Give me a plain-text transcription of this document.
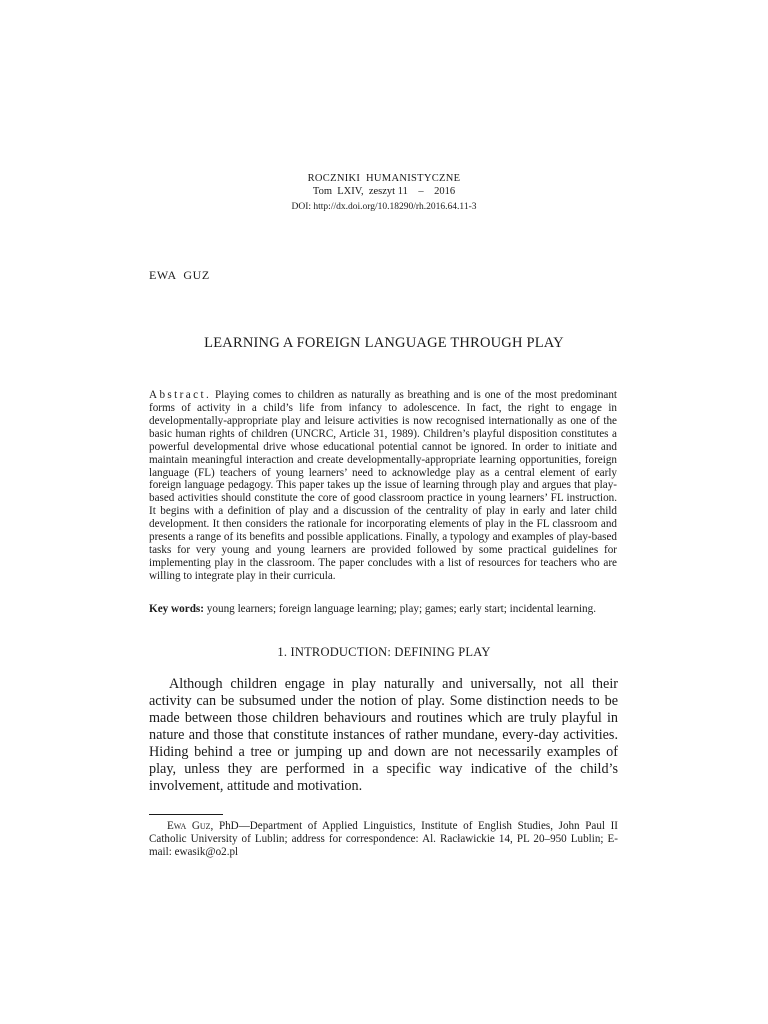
ROCZNIKI  HUMANISTYCZNE
Tom  LXIV,  zeszyt 11    –    2016
DOI: http://dx.doi.org/10.18290/rh.2016.64.11-3
EWA  GUZ
LEARNING A FOREIGN LANGUAGE THROUGH PLAY

Abstract. Playing comes to children as naturally as breathing and is one of the most predominant forms of activity in a child’s life from infancy to adolescence. In fact, the right to engage in developmentally-appropriate play and leisure activities is now recognised internationally as one of the basic human rights of children (UNCRC, Article 31, 1989). Children’s playful disposition constitutes a powerful developmental drive whose educational potential cannot be ignored. In order to initiate and maintain meaningful interaction and create developmentally-appropriate learning opportunities, foreign language (FL) teachers of young learners’ need to acknowledge play as a central element of early foreign language pedagogy. This paper takes up the issue of learning through play and argues that play-based activities should constitute the core of good classroom practice in young learners’ FL instruction. It begins with a definition of play and a discussion of the centrality of play in early and later child development. It then considers the rationale for incorporating elements of play in the FL classroom and presents a range of its benefits and possible applications. Finally, a typology and examples of play-based tasks for very young and young learners are provided followed by some practical guidelines for implementing play in the classroom. The paper concludes with a list of resources for teachers who are willing to integrate play in their curricula.

Key words: young learners; foreign language learning; play; games; early start; incidental learning.

1. INTRODUCTION: DEFINING PLAY

Although children engage in play naturally and universally, not all their activity can be subsumed under the notion of play. Some distinction needs to be made between those children behaviours and routines which are truly playful in nature and those that constitute instances of rather mundane, every-day activities. Hiding behind a tree or jumping up and down are not necessarily examples of play, unless they are performed in a specific way indicative of the child’s involvement, attitude and motivation.

Ewa Guz, PhD—Department of Applied Linguistics, Institute of English Studies, John Paul II Catholic University of Lublin; address for correspondence: Al. Racławickie 14, PL 20–950 Lublin; E-mail: ewasik@o2.pl
